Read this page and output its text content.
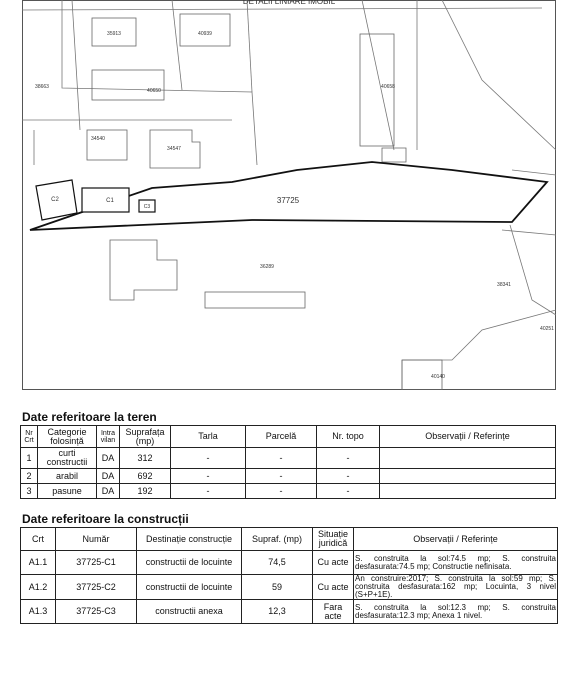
DETALII LINIARE IMOBIL
37725
C2	C1
C3
35913	40939
38663
40650
40658
34540
34547
36289
38341
40251
40140
Date referitoare la teren
Nr Crt	Categorie folosință	Intra vilan	Suprafața (mp)	Tarla	Parcelă	Nr. topo	Observații / Referințe
1	curti constructii	DA	312	-	-	-	
2	arabil	DA	692	-	-	-	
3	pasune	DA	192	-	-	-	
Date referitoare la construcții
Crt	Număr	Destinație construcție	Supraf. (mp)	Situație juridică	Observații / Referințe
A1.1	37725-C1	constructii de locuinte	74,5	Cu acte	S. construita la sol:74.5 mp; S. construita desfasurata:74.5 mp; Constructie nefinisata.
A1.2	37725-C2	constructii de locuinte	59	Cu acte	An construire:2017; S. construita la sol:59 mp; S. construita desfasurata:162 mp; Locuinta, 3 nivel (S+P+1E).
A1.3	37725-C3	constructii anexa	12,3	Fara acte	S. construita la sol:12.3 mp; S. construita desfasurata:12.3 mp; Anexa 1 nivel.
